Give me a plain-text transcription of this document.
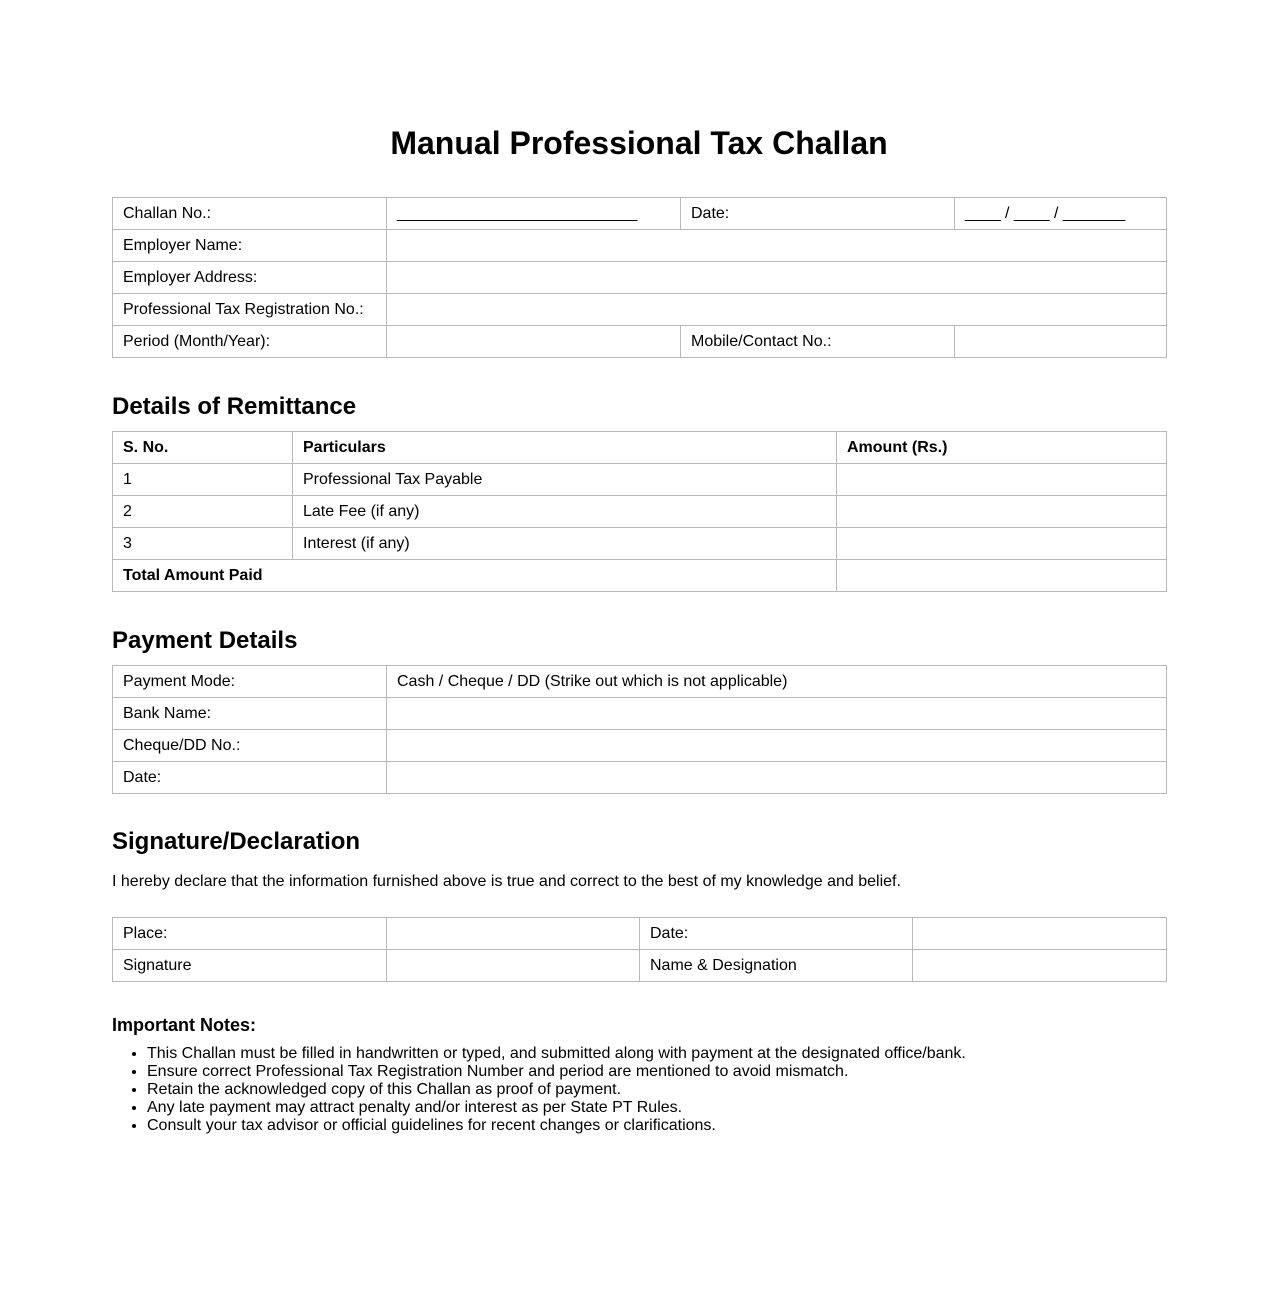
Manual Professional Tax Challan
Challan No.:	___________________________	Date:	____ / ____ / _______
Employer Name:			
Employer Address:			
Professional Tax Registration No.:			
Period (Month/Year):		Mobile/Contact No.:	
Details of Remittance
S. No.	Particulars	Amount (Rs.)
1	Professional Tax Payable	
2	Late Fee (if any)	
3	Interest (if any)	
Total Amount Paid		
Payment Details
Payment Mode:	Cash / Cheque / DD (Strike out which is not applicable)
Bank Name:	
Cheque/DD No.:	
Date:	
Signature/Declaration

I hereby declare that the information furnished above is true and correct to the best of my knowledge and belief.

Place:		Date:	
Signature		Name & Designation	
Important Notes:
• This Challan must be filled in handwritten or typed, and submitted along with payment at the designated office/bank.
• Ensure correct Professional Tax Registration Number and period are mentioned to avoid mismatch.
• Retain the acknowledged copy of this Challan as proof of payment.
• Any late payment may attract penalty and/or interest as per State PT Rules.
• Consult your tax advisor or official guidelines for recent changes or clarifications.
